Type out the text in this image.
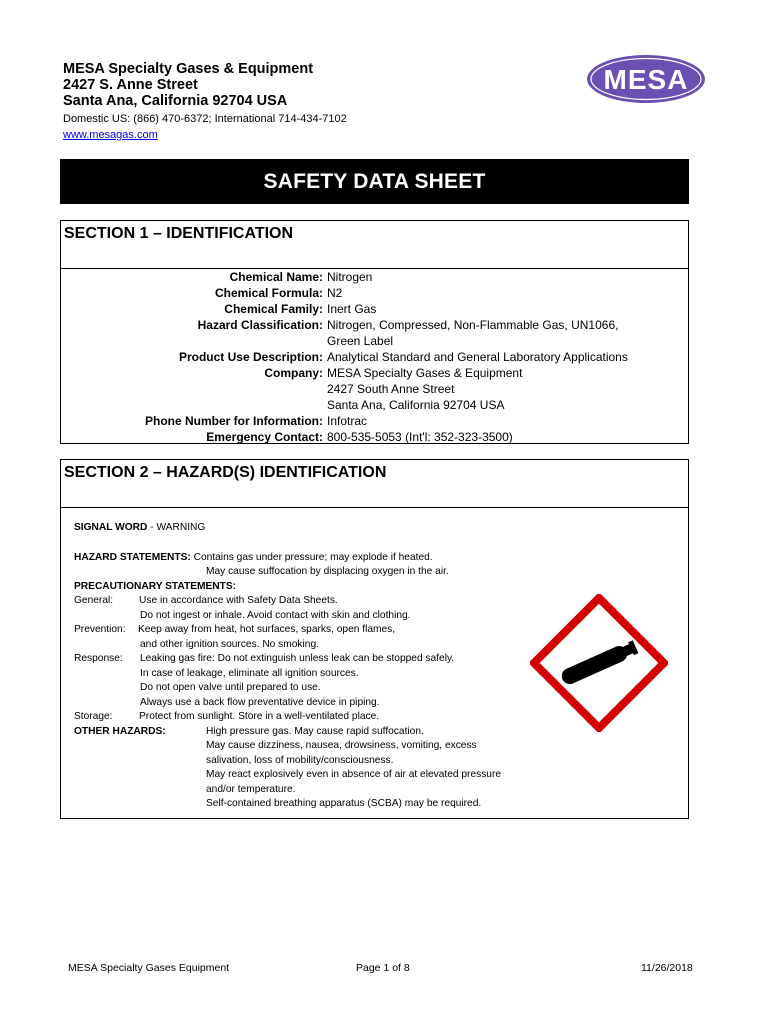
MESA Specialty Gases & Equipment
2427 S. Anne Street
Santa Ana, California 92704 USA
Domestic US: (866) 470-6372; International 714-434-7102
www.mesagas.com
MESA
SAFETY DATA SHEET
SECTION 1 – IDENTIFICATION
Chemical Name: Nitrogen
Chemical Formula: N2
Chemical Family: Inert Gas
Hazard Classification: Nitrogen, Compressed, Non-Flammable Gas, UN1066,
Green Label
Product Use Description: Analytical Standard and General Laboratory Applications
Company: MESA Specialty Gases & Equipment
2427 South Anne Street
Santa Ana, California 92704 USA
Phone Number for Information: Infotrac
Emergency Contact: 800-535-5053 (Int'l: 352-323-3500)
SECTION 2 – HAZARD(S) IDENTIFICATION
SIGNAL WORD - WARNING
HAZARD STATEMENTS: Contains gas under pressure; may explode if heated.
May cause suffocation by displacing oxygen in the air.
PRECAUTIONARY STATEMENTS:
General:	Use in accordance with Safety Data Sheets.
Do not ingest or inhale. Avoid contact with skin and clothing.
Prevention: Keep away from heat, hot surfaces, sparks, open flames,
and other ignition sources. No smoking.
Response: Leaking gas fire: Do not extinguish unless leak can be stopped safely.
In case of leakage, eliminate all ignition sources.
Do not open valve until prepared to use.
Always use a back flow preventative device in piping.
Storage:	Protect from sunlight. Store in a well-ventilated place.
OTHER HAZARDS:	High pressure gas. May cause rapid suffocation.
May cause dizziness, nausea, drowsiness, vomiting, excess
salivation, loss of mobility/consciousness.
May react explosively even in absence of air at elevated pressure
and/or temperature.
Self-contained breathing apparatus (SCBA) may be required.
MESA Specialty Gases Equipment	Page 1 of 8	11/26/2018
